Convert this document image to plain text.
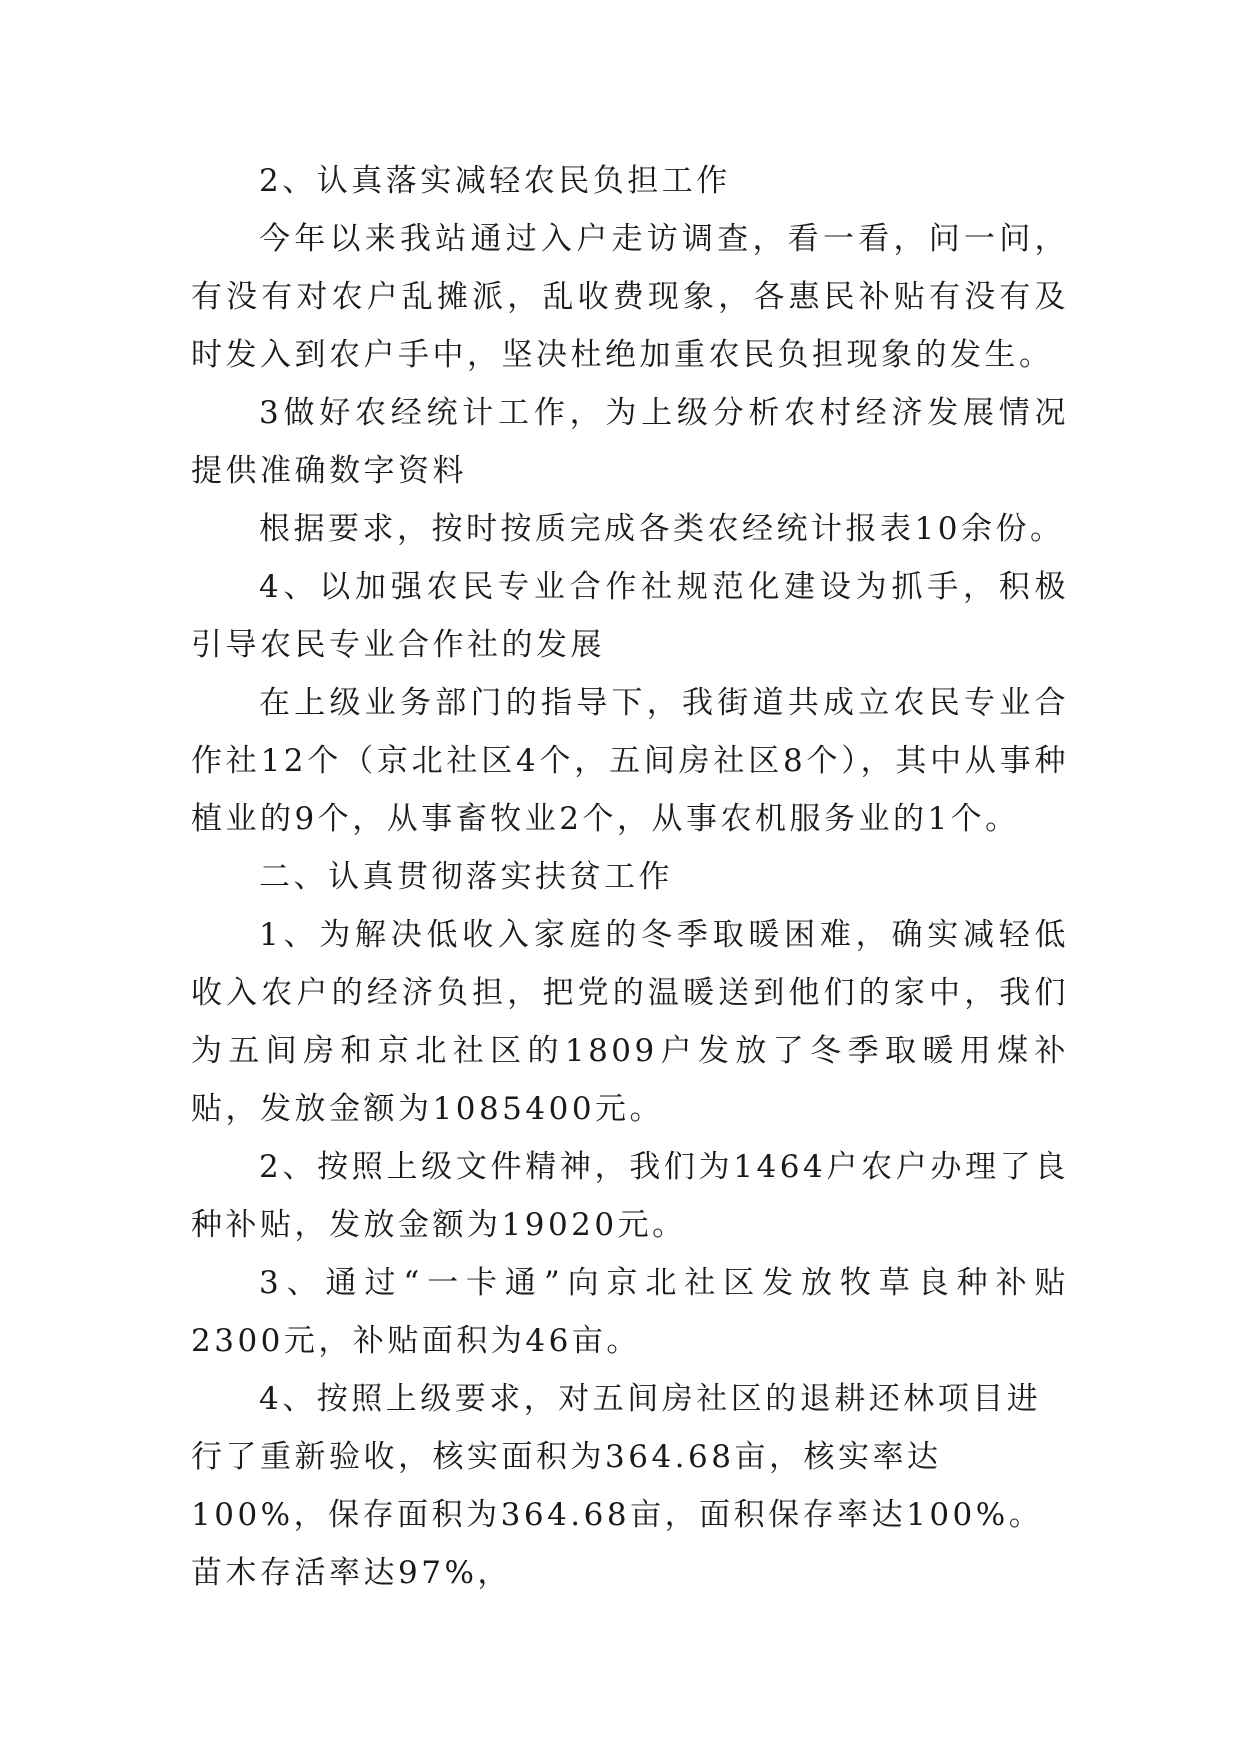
2、认真落实减轻农民负担工作

今年以来我站通过入户走访调查，看一看，问一问，有没有对农户乱摊派，乱收费现象，各惠民补贴有没有及时发入到农户手中，坚决杜绝加重农民负担现象的发生。

3做好农经统计工作，为上级分析农村经济发展情况提供准确数字资料

根据要求，按时按质完成各类农经统计报表10余份。

4、以加强农民专业合作社规范化建设为抓手，积极引导农民专业合作社的发展

在上级业务部门的指导下，我街道共成立农民专业合作社12个（京北社区4个，五间房社区8个），其中从事种植业的9个，从事畜牧业2个，从事农机服务业的1个。

二、认真贯彻落实扶贫工作

1、为解决低收入家庭的冬季取暖困难，确实减轻低收入农户的经济负担，把党的温暖送到他们的家中，我们为五间房和京北社区的1809户发放了冬季取暖用煤补贴，发放金额为1085400元。

2、按照上级文件精神，我们为1464户农户办理了良种补贴，发放金额为19020元。

3、通过“一卡通”向京北社区发放牧草良种补贴2300元，补贴面积为46亩。

4、按照上级要求，对五间房社区的退耕还林项目进行了重新验收，核实面积为364.68亩，核实率达100%，保存面积为364.68亩，面积保存率达100%。苗木存活率达97%，
